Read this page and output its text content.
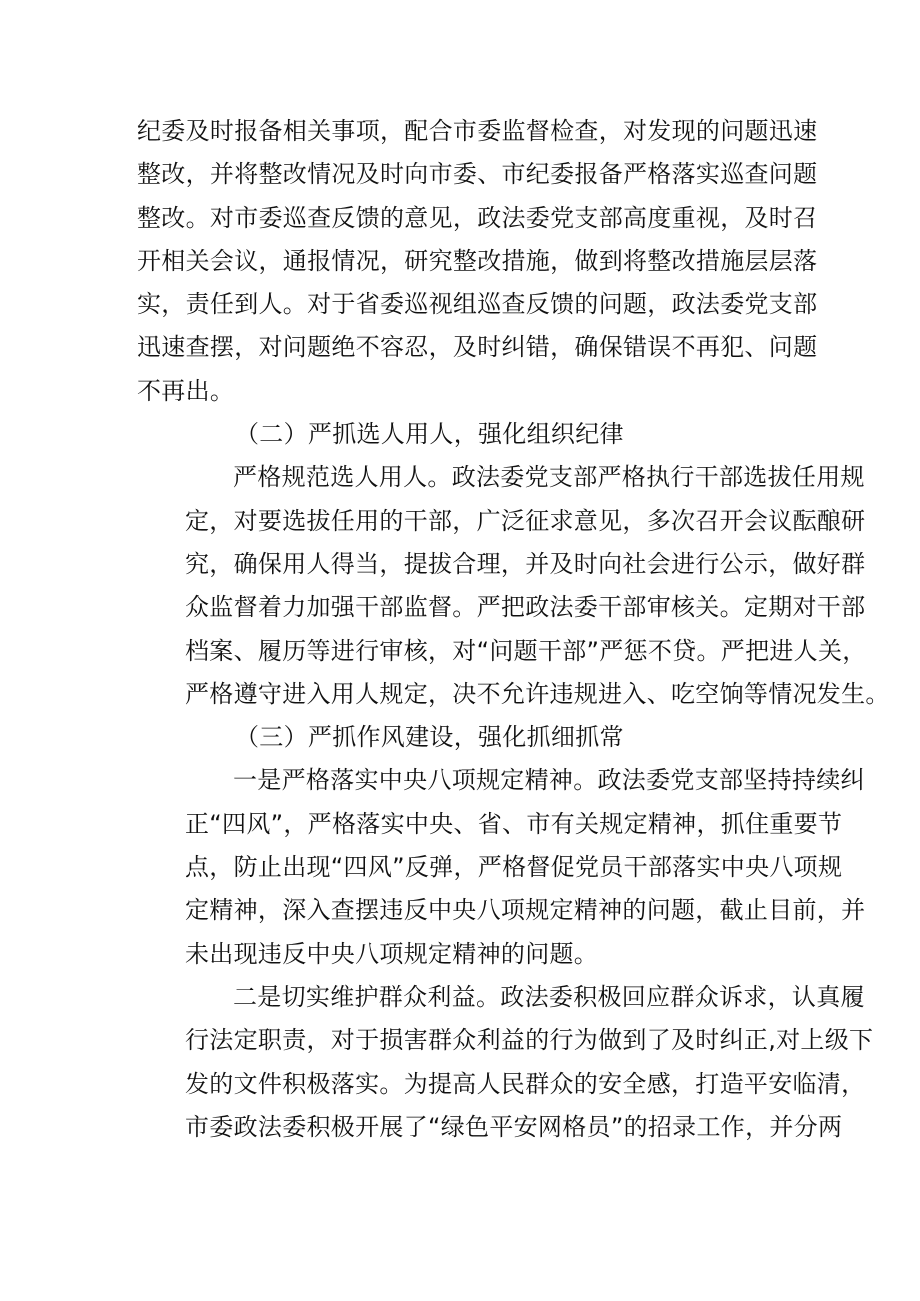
纪委及时报备相关事项，配合市委监督检查，对发现的问题迅速
整改，并将整改情况及时向市委、市纪委报备严格落实巡查问题
整改。对市委巡查反馈的意见，政法委党支部高度重视，及时召
开相关会议，通报情况，研究整改措施，做到将整改措施层层落
实，责任到人。对于省委巡视组巡查反馈的问题，政法委党支部
迅速查摆，对问题绝不容忍，及时纠错，确保错误不再犯、问题
不再出。
（二）严抓选人用人，强化组织纪律
严格规范选人用人。政法委党支部严格执行干部选拔任用规
定，对要选拔任用的干部，广泛征求意见，多次召开会议酝酿研
究，确保用人得当，提拔合理，并及时向社会进行公示，做好群
众监督着力加强干部监督。严把政法委干部审核关。定期对干部
档案、履历等进行审核，对“问题干部”严惩不贷。严把进人关，
严格遵守进入用人规定，决不允许违规进入、吃空饷等情况发生。
（三）严抓作风建设，强化抓细抓常
一是严格落实中央八项规定精神。政法委党支部坚持持续纠
正“四风”，严格落实中央、省、市有关规定精神，抓住重要节
点，防止出现“四风”反弹，严格督促党员干部落实中央八项规
定精神，深入查摆违反中央八项规定精神的问题，截止目前，并
未出现违反中央八项规定精神的问题。
二是切实维护群众利益。政法委积极回应群众诉求，认真履
行法定职责，对于损害群众利益的行为做到了及时纠正,对上级下
发的文件积极落实。为提高人民群众的安全感，打造平安临清，
市委政法委积极开展了“绿色平安网格员”的招录工作，并分两
